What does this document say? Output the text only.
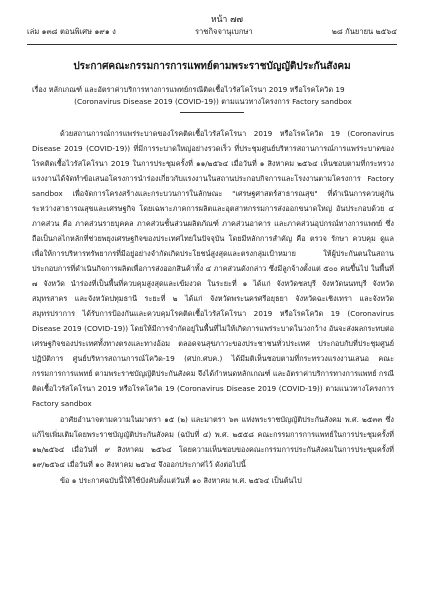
หน้า ๗๗
เล่ม ๑๓๘ ตอนพิเศษ ๑๙๑ ง	ราชกิจจานุเบกษา	๒๘ กันยายน ๒๕๖๔
ประกาศคณะกรรมการการแพทย์ตามพระราชบัญญัติประกันสังคม

เรื่อง หลักเกณฑ์ และอัตราค่าบริการทางการแพทย์กรณีติดเชื้อไวรัสโคโรนา 2019 หรือโรคโควิด 19

(Coronavirus Disease 2019 (COVID-19)) ตามแนวทางโครงการ Factory sandbox

ด้วยสถานการณ์การแพร่ระบาดของโรคติดเชื้อไวรัสโคโรนา 2019 หรือโรคโควิด 19 (Coronavirus Disease 2019 (COVID-19)) ที่มีการระบาดใหญ่อย่างรวดเร็ว ที่ประชุมศูนย์บริหารสถานการณ์การแพร่ระบาดของโรคติดเชื้อไวรัสโคโรนา 2019 ในการประชุมครั้งที่ ๑๑/๒๕๖๔ เมื่อวันที่ ๑ สิงหาคม ๒๕๖๔ เห็นชอบตามที่กระทรวงแรงงานได้จัดทำข้อเสนอโครงการนำร่องเกี่ยวกับแรงงานในสถานประกอบกิจการและโรงงานตามโครงการ Factory sandbox เพื่อจัดการโครงสร้างและกระบวนการในลักษณะ "เศรษฐศาสตร์สาธารณสุข" ที่ดำเนินการควบคู่กันระหว่างสาธารณสุขและเศรษฐกิจ โดยเฉพาะภาคการผลิตและอุตสาหกรรมการส่งออกขนาดใหญ่ อันประกอบด้วย ๔ ภาคส่วน คือ ภาคส่วนรายบุคคล ภาคส่วนชั้นส่วนผลิตภัณฑ์ ภาคส่วนอาคาร และภาคส่วนอุปกรณ์ทางการแพทย์ ซึ่งถือเป็นกลไกหลักที่ช่วยพยุงเศรษฐกิจของประเทศไทยในปัจจุบัน โดยมีหลักการสำคัญ คือ ตรวจ รักษา ควบคุม ดูแล เพื่อให้การบริหารทรัพยากรที่มีอยู่อย่างจำกัดเกิดประโยชน์สูงสุดและตรงกลุ่มเป้าหมาย ให้ผู้ประกันตนในสถานประกอบการที่ดำเนินกิจการผลิตเพื่อการส่งออกสินค้าทั้ง ๔ ภาคส่วนดังกล่าว ซึ่งมีลูกจ้างตั้งแต่ ๕๐๐ คนขึ้นไป ในพื้นที่ ๗ จังหวัด นำร่องที่เป็นพื้นที่ควบคุมสูงสุดและเข้มงวด ในระยะที่ ๑ ได้แก่ จังหวัดชลบุรี จังหวัดนนทบุรี จังหวัดสมุทรสาคร และจังหวัดปทุมธานี ระยะที่ ๒ ได้แก่ จังหวัดพระนครศรีอยุธยา จังหวัดฉะเชิงเทรา และจังหวัดสมุทรปราการ ได้รับการป้องกันและควบคุมโรคติดเชื้อไวรัสโคโรนา 2019 หรือโรคโควิด 19 (Coronavirus Disease 2019 (COVID-19)) โดยให้มีการจำกัดอยู่ในพื้นที่ไม่ให้เกิดการแพร่ระบาดในวงกว้าง อันจะส่งผลกระทบต่อเศรษฐกิจของประเทศทั้งทางตรงและทางอ้อม ตลอดจนสุขภาวะของประชาชนทั่วประเทศ ประกอบกับที่ประชุมศูนย์ปฏิบัติการ ศูนย์บริหารสถานการณ์โควิด-19 (ศปก.ศบค.) ได้มีมติเห็นชอบตามที่กระทรวงแรงงานเสนอ คณะกรรมการการแพทย์ ตามพระราชบัญญัติประกันสังคม จึงได้กำหนดหลักเกณฑ์ และอัตราค่าบริการทางการแพทย์ กรณีติดเชื้อไวรัสโคโรนา 2019 หรือโรคโควิด 19 (Coronavirus Disease 2019 (COVID-19)) ตามแนวทางโครงการ Factory sandbox

อาศัยอำนาจตามความในมาตรา ๑๕ (๒) และมาตรา ๖๓ แห่งพระราชบัญญัติประกันสังคม พ.ศ. ๒๕๓๓ ซึ่งแก้ไขเพิ่มเติมโดยพระราชบัญญัติประกันสังคม (ฉบับที่ ๔) พ.ศ. ๒๕๕๘ คณะกรรมการการแพทย์ในการประชุมครั้งที่ ๑๒/๒๕๖๔ เมื่อวันที่ ๙ สิงหาคม ๒๕๖๔ โดยความเห็นชอบของคณะกรรมการประกันสังคมในการประชุมครั้งที่ ๑๙/๒๕๖๔ เมื่อวันที่ ๑๐ สิงหาคม ๒๕๖๔ จึงออกประกาศไว้ ดังต่อไปนี้

ข้อ ๑ ประกาศฉบับนี้ให้ใช้บังคับตั้งแต่วันที่ ๑๐ สิงหาคม พ.ศ. ๒๕๖๔ เป็นต้นไป
